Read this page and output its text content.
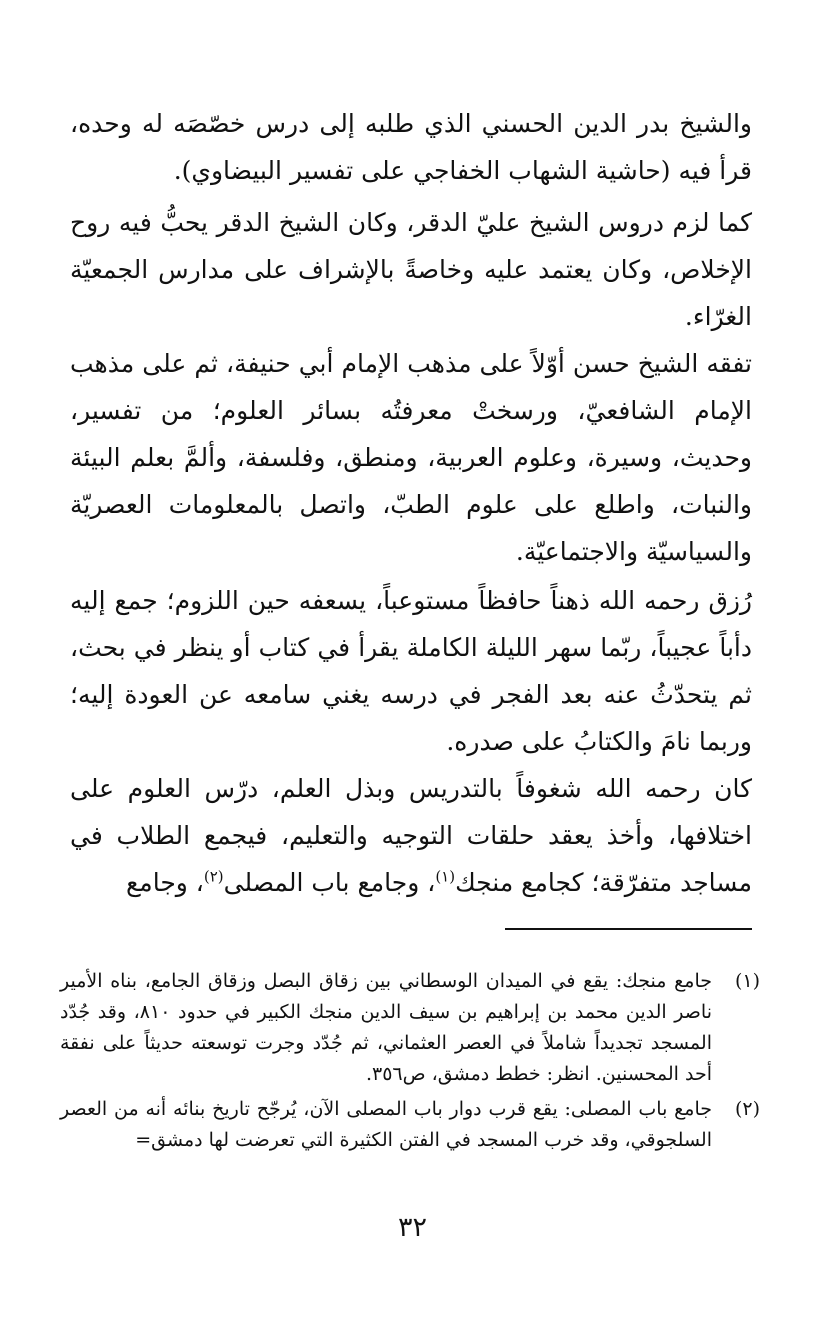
والشيخ بدر الدين الحسني الذي طلبه إلى درس خصّصَه له وحده، قرأ فيه (حاشية الشهاب الخفاجي على تفسير البيضاوي).

كما لزم دروس الشيخ عليّ الدقر، وكان الشيخ الدقر يحبُّ فيه روح الإخلاص، وكان يعتمد عليه وخاصةً بالإشراف على مدارس الجمعيّة الغرّاء.

تفقه الشيخ حسن أوّلاً على مذهب الإمام أبي حنيفة، ثم على مذهب الإمام الشافعيّ، ورسختْ معرفتُه بسائر العلوم؛ من تفسير، وحديث، وسيرة، وعلوم العربية، ومنطق، وفلسفة، وألمَّ بعلم البيئة والنبات، واطلع على علوم الطبّ، واتصل بالمعلومات العصريّة والسياسيّة والاجتماعيّة.

رُزق رحمه الله ذهناً حافظاً مستوعباً، يسعفه حين اللزوم؛ جمع إليه دأباً عجيباً، ربّما سهر الليلة الكاملة يقرأ في كتاب أو ينظر في بحث، ثم يتحدّثُ عنه بعد الفجر في درسه يغني سامعه عن العودة إليه؛ وربما نامَ والكتابُ على صدره.

كان رحمه الله شغوفاً بالتدريس وبذل العلم، درّس العلوم على اختلافها، وأخذ يعقد حلقات التوجيه والتعليم، فيجمع الطلاب في مساجد متفرّقة؛ كجامع منجك$^{(١)}$، وجامع باب المصلى$^{(٢)}$، وجامع

(١)
جامع منجك: يقع في الميدان الوسطاني بين زقاق البصل وزقاق الجامع، بناه الأمير ناصر الدين محمد بن إبراهيم بن سيف الدين منجك الكبير في حدود ٨١٠، وقد جُدّد المسجد تجديداً شاملاً في العصر العثماني، ثم جُدّد وجرت توسعته حديثاً على نفقة أحد المحسنين. انظر: خطط دمشق، ص٣٥٦.
(٢)
جامع باب المصلى: يقع قرب دوار باب المصلى الآن، يُرجّح تاريخ بنائه أنه من العصر السلجوقي، وقد خرب المسجد في الفتن الكثيرة التي تعرضت لها دمشق=
٣٢
